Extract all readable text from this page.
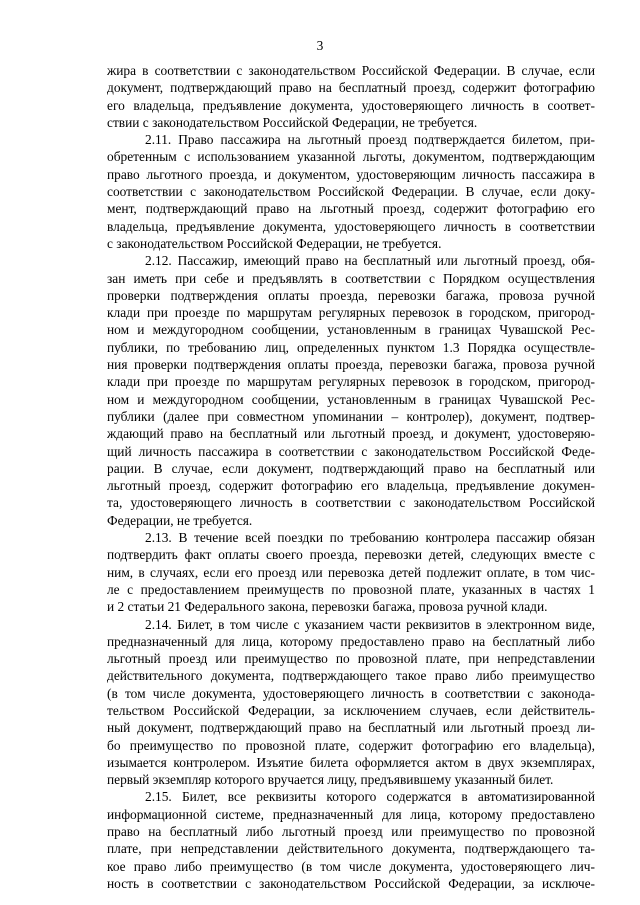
3
жира в соответствии с законодательством Российской Федерации. В случае, если
документ, подтверждающий право на бесплатный проезд, содержит фотографию
его владельца, предъявление документа, удостоверяющего личность в соответ-
ствии с законодательством Российской Федерации, не требуется.
2.11. Право пассажира на льготный проезд подтверждается билетом, при-
обретенным с использованием указанной льготы, документом, подтверждающим
право льготного проезда, и документом, удостоверяющим личность пассажира в
соответствии с законодательством Российской Федерации. В случае, если доку-
мент, подтверждающий право на льготный проезд, содержит фотографию его
владельца, предъявление документа, удостоверяющего личность в соответствии
с законодательством Российской Федерации, не требуется.
2.12. Пассажир, имеющий право на бесплатный или льготный проезд, обя-
зан иметь при себе и предъявлять в соответствии с Порядком осуществления
проверки подтверждения оплаты проезда, перевозки багажа, провоза ручной
клади при проезде по маршрутам регулярных перевозок в городском, пригород-
ном и междугородном сообщении, установленным в границах Чувашской Рес-
публики, по требованию лиц, определенных пунктом 1.3 Порядка осуществле-
ния проверки подтверждения оплаты проезда, перевозки багажа, провоза ручной
клади при проезде по маршрутам регулярных перевозок в городском, пригород-
ном и междугородном сообщении, установленным в границах Чувашской Рес-
публики (далее при совместном упоминании – контролер), документ, подтвер-
ждающий право на бесплатный или льготный проезд, и документ, удостоверяю-
щий личность пассажира в соответствии с законодательством Российской Феде-
рации. В случае, если документ, подтверждающий право на бесплатный или
льготный проезд, содержит фотографию его владельца, предъявление докумен-
та, удостоверяющего личность в соответствии с законодательством Российской
Федерации, не требуется.
2.13. В течение всей поездки по требованию контролера пассажир обязан
подтвердить факт оплаты своего проезда, перевозки детей, следующих вместе с
ним, в случаях, если его проезд или перевозка детей подлежит оплате, в том чис-
ле с предоставлением преимуществ по провозной плате, указанных в частях 1
и 2 статьи 21 Федерального закона, перевозки багажа, провоза ручной клади.
2.14. Билет, в том числе с указанием части реквизитов в электронном виде,
предназначенный для лица, которому предоставлено право на бесплатный либо
льготный проезд или преимущество по провозной плате, при непредставлении
действительного документа, подтверждающего такое право либо преимущество
(в том числе документа, удостоверяющего личность в соответствии с законода-
тельством Российской Федерации, за исключением случаев, если действитель-
ный документ, подтверждающий право на бесплатный или льготный проезд ли-
бо преимущество по провозной плате, содержит фотографию его владельца),
изымается контролером. Изъятие билета оформляется актом в двух экземплярах,
первый экземпляр которого вручается лицу, предъявившему указанный билет.
2.15. Билет, все реквизиты которого содержатся в автоматизированной
информационной системе, предназначенный для лица, которому предоставлено
право на бесплатный либо льготный проезд или преимущество по провозной
плате, при непредставлении действительного документа, подтверждающего та-
кое право либо преимущество (в том числе документа, удостоверяющего лич-
ность в соответствии с законодательством Российской Федерации, за исключе-
